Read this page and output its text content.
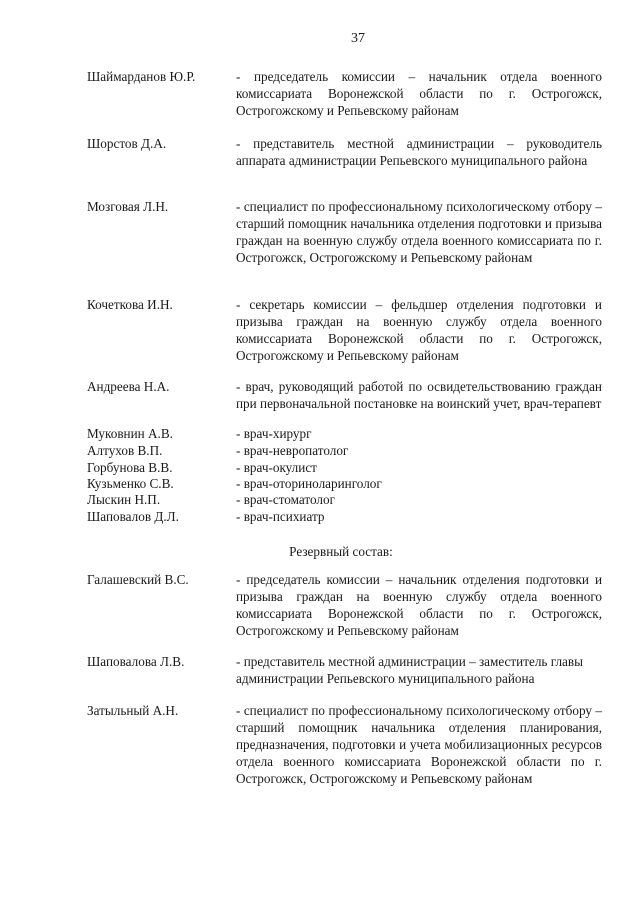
37
Шаймарданов Ю.Р.	- председатель комиссии – начальник отдела военного комиссариата Воронежской области по г. Острогожск, Острогожскому и Репьевскому районам
Шорстов Д.А.	- представитель местной администрации – руководитель аппарата администрации Репьевского муниципального района
Мозговая Л.Н.	- специалист по профессиональному психологическому отбору – старший помощник начальника отделения подготовки и призыва граждан на военную службу отдела военного комиссариата по г. Острогожск, Острогожскому и Репьевскому районам
Кочеткова И.Н.	- секретарь комиссии – фельдшер отделения подготовки и призыва граждан на военную службу отдела военного комиссариата Воронежской области по г. Острогожск, Острогожскому и Репьевскому районам
Андреева Н.А.	- врач, руководящий работой по освидетельствованию граждан при первоначальной постановке на воинский учет, врач-терапевт
Муковнин А.В.	- врач-хирург
Алтухов В.П.	- врач-невропатолог
Горбунова В.В.	- врач-окулист
Кузьменко С.В.	- врач-оториноларинголог
Лыскин Н.П.	- врач-стоматолог
Шаповалов Д.Л.	- врач-психиатр
Резервный состав:
Галашевский В.С.	- председатель комиссии – начальник отделения подготовки и призыва граждан на военную службу отдела военного комиссариата Воронежской области по г. Острогожск, Острогожскому и Репьевскому районам
Шаповалова Л.В.	- представитель местной администрации – заместитель главы администрации Репьевского муниципального района
Затыльный А.Н.	- специалист по профессиональному психологическому отбору – старший помощник начальника отделения планирования, предназначения, подготовки и учета мобилизационных ресурсов отдела военного комиссариата Воронежской области по г. Острогожск, Острогожскому и Репьевскому районам
